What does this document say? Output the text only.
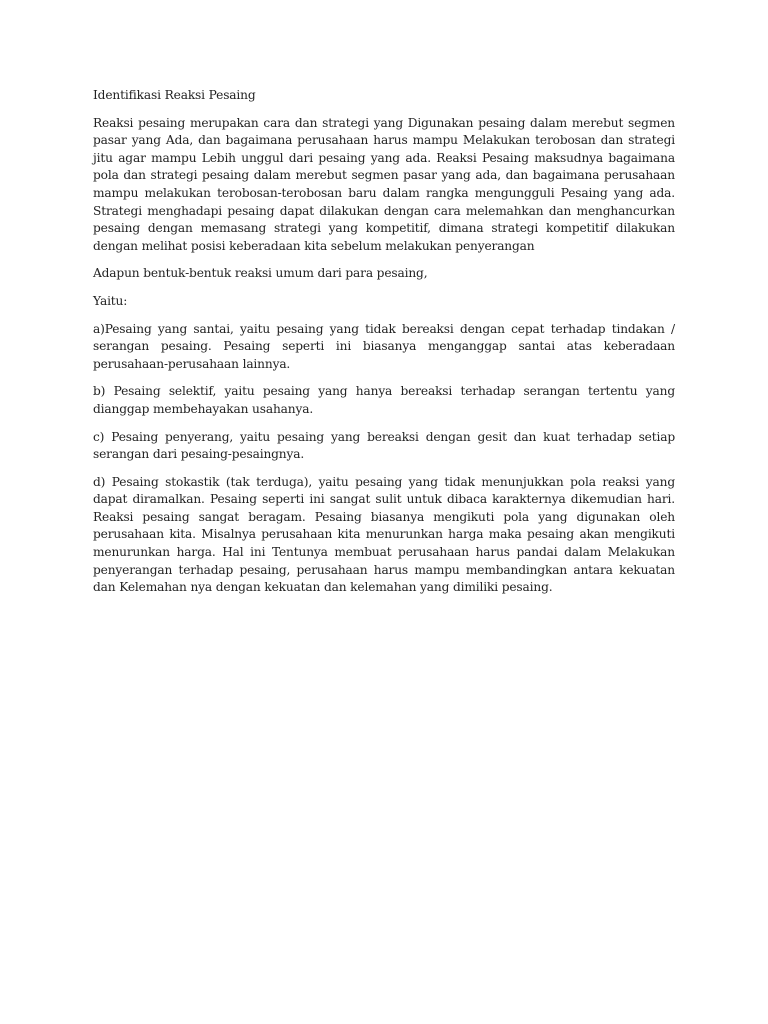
Identifikasi Reaksi Pesaing

Reaksi pesaing merupakan cara dan strategi yang Digunakan pesaing dalam merebut segmen pasar yang Ada, dan bagaimana perusahaan harus mampu Melakukan terobosan dan strategi jitu agar mampu Lebih unggul dari pesaing yang ada. Reaksi Pesaing maksudnya bagaimana pola dan strategi pesaing dalam merebut segmen pasar yang ada, dan bagaimana perusahaan mampu melakukan terobosan-terobosan baru dalam rangka mengungguli Pesaing yang ada. Strategi menghadapi pesaing dapat dilakukan dengan cara melemahkan dan menghancurkan pesaing dengan memasang strategi yang kompetitif, dimana strategi kompetitif dilakukan dengan melihat posisi keberadaan kita sebelum melakukan penyerangan

Adapun bentuk-bentuk reaksi umum dari para pesaing,

Yaitu:

a)Pesaing yang santai, yaitu pesaing yang tidak bereaksi dengan cepat terhadap tindakan / serangan pesaing. Pesaing seperti ini biasanya menganggap santai atas keberadaan perusahaan-perusahaan lainnya.

b) Pesaing selektif, yaitu pesaing yang hanya bereaksi terhadap serangan tertentu yang dianggap membehayakan usahanya.

c) Pesaing penyerang, yaitu pesaing yang bereaksi dengan gesit dan kuat terhadap setiap serangan dari pesaing-pesaingnya.

d) Pesaing stokastik (tak terduga), yaitu pesaing yang tidak menunjukkan pola reaksi yang dapat diramalkan. Pesaing seperti ini sangat sulit untuk dibaca karakternya dikemudian hari. Reaksi pesaing sangat beragam. Pesaing biasanya mengikuti pola yang digunakan oleh perusahaan kita. Misalnya perusahaan kita menurunkan harga maka pesaing akan mengikuti menurunkan harga. Hal ini Tentunya membuat perusahaan harus pandai dalam Melakukan penyerangan terhadap pesaing, perusahaan harus mampu membandingkan antara kekuatan dan Kelemahan nya dengan kekuatan dan kelemahan yang dimiliki pesaing.
